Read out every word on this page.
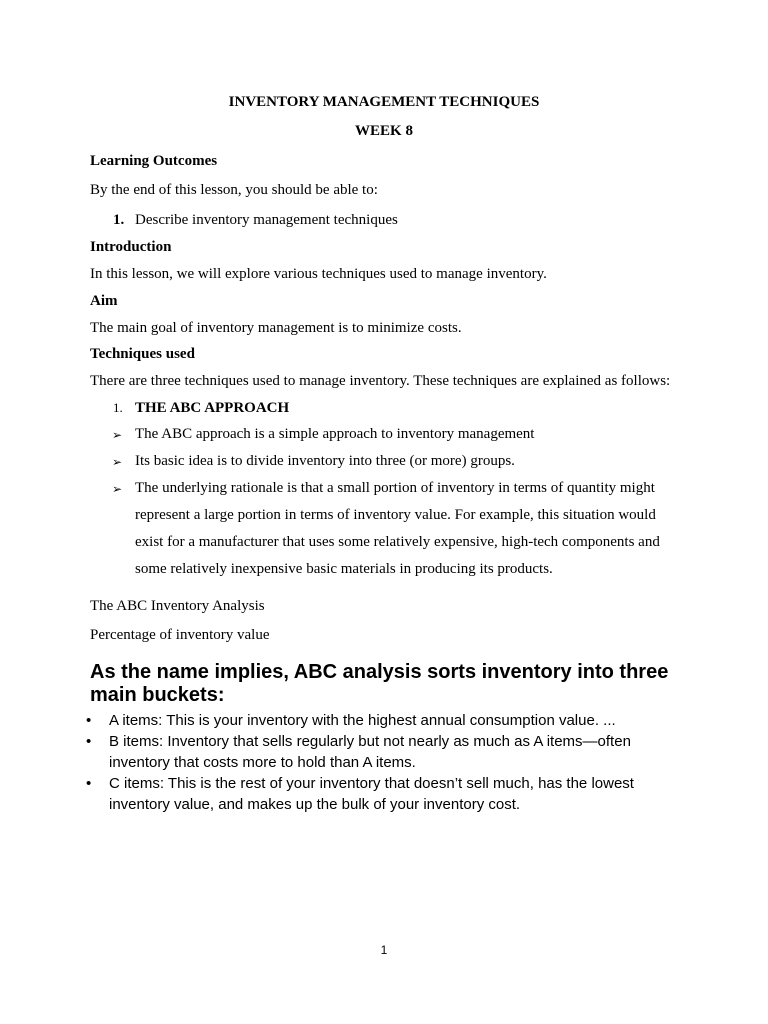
INVENTORY MANAGEMENT TECHNIQUES
WEEK 8
Learning Outcomes
By the end of this lesson, you should be able to:
1. Describe inventory management techniques
Introduction
In this lesson, we will explore various techniques used to manage inventory.
Aim
The main goal of inventory management is to minimize costs.
Techniques used
There are three techniques used to manage inventory. These techniques are explained as follows:
1. THE ABC APPROACH
➢ The ABC approach is a simple approach to inventory management
➢ Its basic idea is to divide inventory into three (or more) groups.
➢ The underlying rationale is that a small portion of inventory in terms of quantity might represent a large portion in terms of inventory value. For example, this situation would exist for a manufacturer that uses some relatively expensive, high-tech components and some relatively inexpensive basic materials in producing its products.
The ABC Inventory Analysis
Percentage of inventory value
As the name implies, ABC analysis sorts inventory into three main buckets:
• A items: This is your inventory with the highest annual consumption value. ...
• B items: Inventory that sells regularly but not nearly as much as A items—often inventory that costs more to hold than A items.
• C items: This is the rest of your inventory that doesn’t sell much, has the lowest inventory value, and makes up the bulk of your inventory cost.
1
